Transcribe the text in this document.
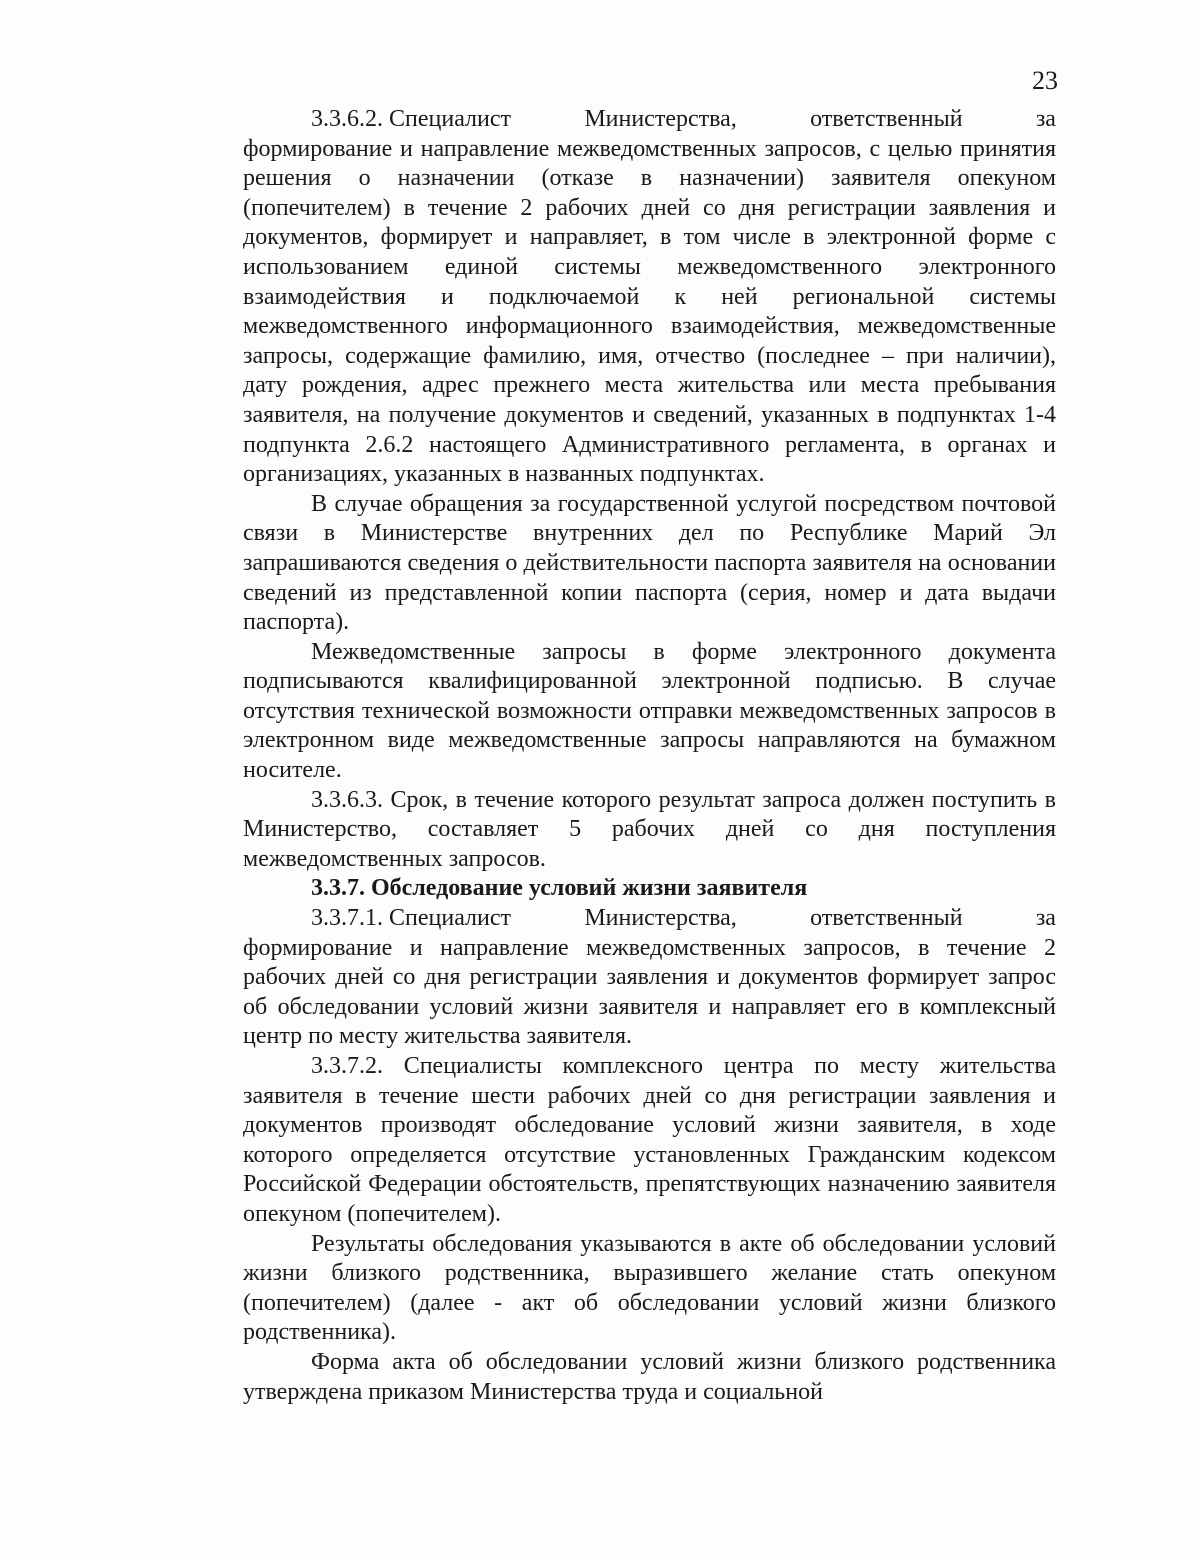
23
3.3.6.2. Специалист	Министерства,	ответственный	за

формирование и направление межведомственных запросов, с целью принятия решения о назначении (отказе в назначении) заявителя опекуном (попечителем) в течение 2 рабочих дней со дня регистрации заявления и документов, формирует и направляет, в том числе в электронной форме с использованием единой системы межведомственного электронного взаимодействия и подключаемой к ней региональной системы межведомственного информационного взаимодействия, межведомственные запросы, содержащие фамилию, имя, отчество (последнее – при наличии), дату рождения, адрес прежнего места жительства или места пребывания заявителя, на получение документов и сведений, указанных в подпунктах 1-4 подпункта 2.6.2 настоящего Административного регламента, в органах и организациях, указанных в названных подпунктах.

В случае обращения за государственной услугой посредством почтовой связи в Министерстве внутренних дел по Республике Марий Эл запрашиваются сведения о действительности паспорта заявителя на основании сведений из представленной копии паспорта (серия, номер и дата выдачи паспорта).

Межведомственные запросы в форме электронного документа подписываются квалифицированной электронной подписью. В случае отсутствия технической возможности отправки межведомственных запросов в электронном виде межведомственные запросы направляются на бумажном носителе.

3.3.6.3. Срок, в течение которого результат запроса должен поступить в Министерство, составляет 5 рабочих дней со дня поступления межведомственных запросов.

3.3.7. Обследование условий жизни заявителя

3.3.7.1. Специалист	Министерства,	ответственный	за

формирование и направление межведомственных запросов, в течение 2 рабочих дней со дня регистрации заявления и документов формирует запрос об обследовании условий жизни заявителя и направляет его в комплексный центр по месту жительства заявителя.

3.3.7.2. Специалисты комплексного центра по месту жительства заявителя в течение шести рабочих дней со дня регистрации заявления и документов производят обследование условий жизни заявителя, в ходе которого определяется отсутствие установленных Гражданским кодексом Российской Федерации обстоятельств, препятствующих назначению заявителя опекуном (попечителем).

Результаты обследования указываются в акте об обследовании условий жизни близкого родственника, выразившего желание стать опекуном (попечителем) (далее - акт об обследовании условий жизни близкого родственника).

Форма акта об обследовании условий жизни близкого родственника утверждена приказом Министерства труда и социальной
